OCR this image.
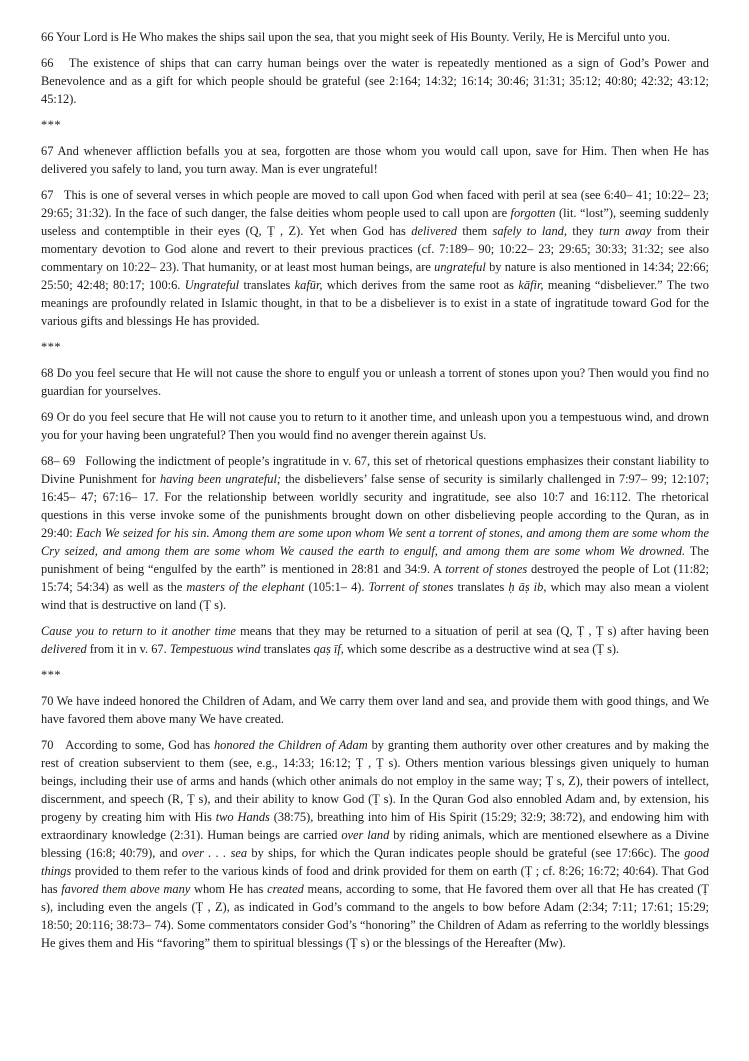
66 Your Lord is He Who makes the ships sail upon the sea, that you might seek of His Bounty. Verily, He is Merciful unto you.

66   The existence of ships that can carry human beings over the water is repeatedly mentioned as a sign of God’s Power and Benevolence and as a gift for which people should be grateful (see 2:164; 14:32; 16:14; 30:46; 31:31; 35:12; 40:80; 42:32; 43:12; 45:12).

***

67 And whenever affliction befalls you at sea, forgotten are those whom you would call upon, save for Him. Then when He has delivered you safely to land, you turn away. Man is ever ungrateful!

67   This is one of several verses in which people are moved to call upon God when faced with peril at sea (see 6:40– 41; 10:22– 23; 29:65; 31:32). In the face of such danger, the false deities whom people used to call upon are forgotten (lit. “lost”), seeming suddenly useless and contemptible in their eyes (Q, Ṭ , Z). Yet when God has delivered them safely to land, they turn away from their momentary devotion to God alone and revert to their previous practices (cf. 7:189– 90; 10:22– 23; 29:65; 30:33; 31:32; see also commentary on 10:22– 23). That humanity, or at least most human beings, are ungrateful by nature is also mentioned in 14:34; 22:66; 25:50; 42:48; 80:17; 100:6. Ungrateful translates kafūr, which derives from the same root as kāfir, meaning “disbeliever.” The two meanings are profoundly related in Islamic thought, in that to be a disbeliever is to exist in a state of ingratitude toward God for the various gifts and blessings He has provided.

***

68 Do you feel secure that He will not cause the shore to engulf you or unleash a torrent of stones upon you? Then would you find no guardian for yourselves.

69 Or do you feel secure that He will not cause you to return to it another time, and unleash upon you a tempestuous wind, and drown you for your having been ungrateful? Then you would find no avenger therein against Us.

68– 69   Following the indictment of people’s ingratitude in v. 67, this set of rhetorical questions emphasizes their constant liability to Divine Punishment for having been ungrateful; the disbelievers’ false sense of security is similarly challenged in 7:97– 99; 12:107; 16:45– 47; 67:16– 17. For the relationship between worldly security and ingratitude, see also 10:7 and 16:112. The rhetorical questions in this verse invoke some of the punishments brought down on other disbelieving people according to the Quran, as in 29:40: Each We seized for his sin. Among them are some upon whom We sent a torrent of stones, and among them are some whom the Cry seized, and among them are some whom We caused the earth to engulf, and among them are some whom We drowned. The punishment of being “engulfed by the earth” is mentioned in 28:81 and 34:9. A torrent of stones destroyed the people of Lot (11:82; 15:74; 54:34) as well as the masters of the elephant (105:1– 4). Torrent of stones translates ḥ āṣ ib, which may also mean a violent wind that is destructive on land (Ṭ s).

Cause you to return to it another time means that they may be returned to a situation of peril at sea (Q, Ṭ , Ṭ s) after having been delivered from it in v. 67. Tempestuous wind translates qaṣ īf, which some describe as a destructive wind at sea (Ṭ s).

***

70 We have indeed honored the Children of Adam, and We carry them over land and sea, and provide them with good things, and We have favored them above many We have created.

70   According to some, God has honored the Children of Adam by granting them authority over other creatures and by making the rest of creation subservient to them (see, e.g., 14:33; 16:12; Ṭ , Ṭ s). Others mention various blessings given uniquely to human beings, including their use of arms and hands (which other animals do not employ in the same way; Ṭ s, Z), their powers of intellect, discernment, and speech (R, Ṭ s), and their ability to know God (Ṭ s). In the Quran God also ennobled Adam and, by extension, his progeny by creating him with His two Hands (38:75), breathing into him of His Spirit (15:29; 32:9; 38:72), and endowing him with extraordinary knowledge (2:31). Human beings are carried over land by riding animals, which are mentioned elsewhere as a Divine blessing (16:8; 40:79), and over . . . sea by ships, for which the Quran indicates people should be grateful (see 17:66c). The good things provided to them refer to the various kinds of food and drink provided for them on earth (Ṭ ; cf. 8:26; 16:72; 40:64). That God has favored them above many whom He has created means, according to some, that He favored them over all that He has created (Ṭ s), including even the angels (Ṭ , Z), as indicated in God’s command to the angels to bow before Adam (2:34; 7:11; 17:61; 15:29; 18:50; 20:116; 38:73– 74). Some commentators consider God’s “honoring” the Children of Adam as referring to the worldly blessings He gives them and His “favoring” them to spiritual blessings (Ṭ s) or the blessings of the Hereafter (Mw).
